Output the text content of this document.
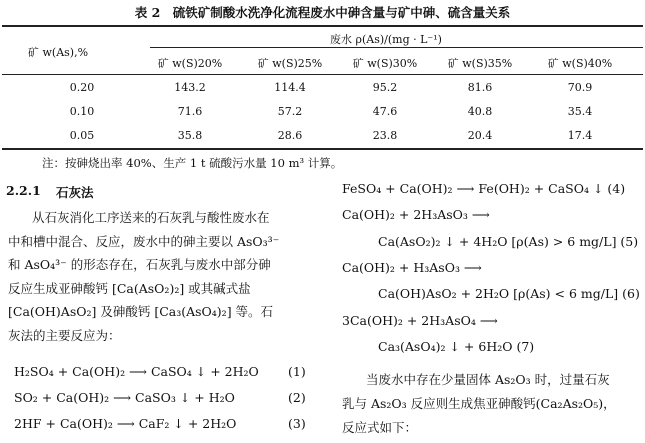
表 2　硫铁矿制酸水洗净化流程废水中砷含量与矿中砷、硫含量关系
矿 w(As),%
废水 ρ(As)/(mg · L⁻¹)
矿 w(S)20%	矿 w(S)25%	矿 w(S)30%	矿 w(S)35%	矿 w(S)40%
0.20	143.2	114.4	95.2	81.6	70.9
0.10	71.6	57.2	47.6	40.8	35.4
0.05	35.8	28.6	23.8	20.4	17.4
注：按砷烧出率 40%、生产 1 t 硫酸污水量 10 m³ 计算。
2.2.1 石灰法
从石灰消化工序送来的石灰乳与酸性废水在
中和槽中混合、反应，废水中的砷主要以 AsO₃³⁻
和 AsO₄³⁻ 的形态存在，石灰乳与废水中部分砷
反应生成亚砷酸钙 [Ca(AsO₂)₂] 或其碱式盐
[Ca(OH)AsO₂] 及砷酸钙 [Ca₃(AsO₄)₂] 等。石
灰法的主要反应为：
H₂SO₄ + Ca(OH)₂ ⟶ CaSO₄ ↓ + 2H₂O (1)
SO₂ + Ca(OH)₂ ⟶ CaSO₃ ↓ + H₂O	(2)
2HF + Ca(OH)₂ ⟶ CaF₂ ↓ + 2H₂O	(3)
FeSO₄ + Ca(OH)₂ ⟶ Fe(OH)₂ + CaSO₄ ↓ (4)
Ca(OH)₂ + 2H₃AsO₃ ⟶
Ca(AsO₂)₂ ↓ + 4H₂O [ρ(As) > 6 mg/L] (5)
Ca(OH)₂ + H₃AsO₃ ⟶
Ca(OH)AsO₂ + 2H₂O [ρ(As) < 6 mg/L] (6)
3Ca(OH)₂ + 2H₃AsO₄ ⟶
Ca₃(AsO₄)₂ ↓ + 6H₂O (7)
当废水中存在少量固体 As₂O₃ 时，过量石灰
乳与 As₂O₃ 反应则生成焦亚砷酸钙(Ca₂As₂O₅)，
反应式如下：
